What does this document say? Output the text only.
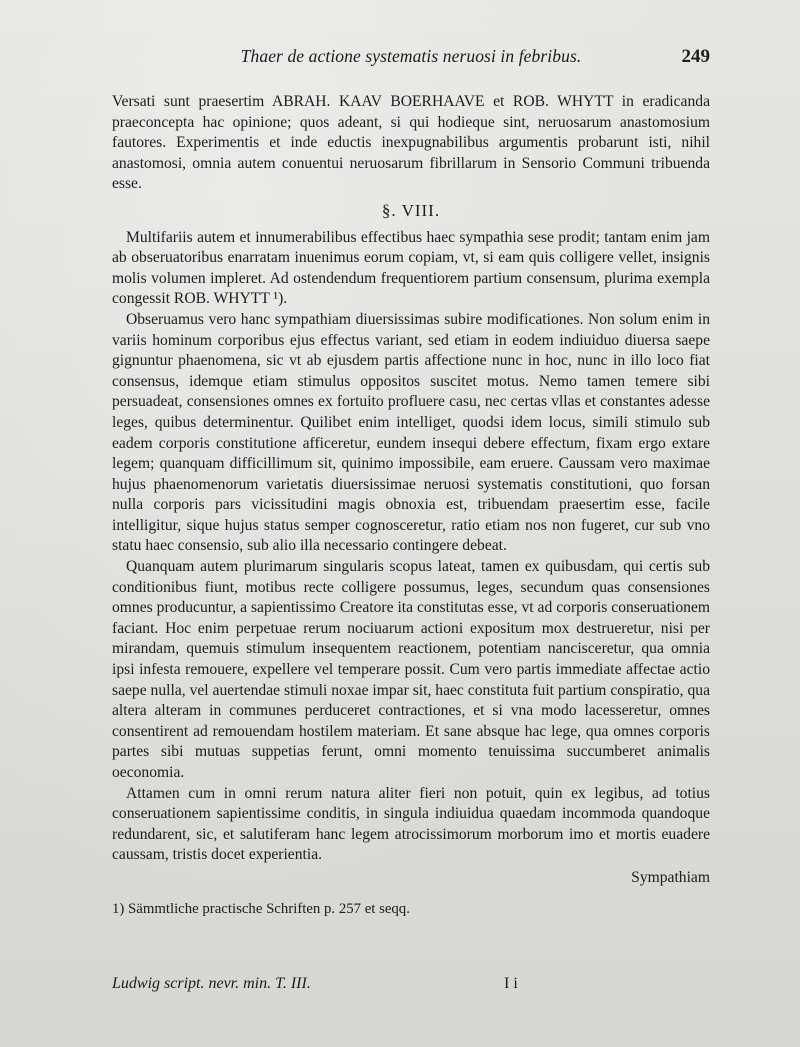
Thaer de actione systematis neruosi in febribus.	249

Versati sunt praesertim ABRAH. KAAV BOERHAAVE et ROB. WHYTT in eradicanda praeconcepta hac opinione; quos adeant, si qui hodieque sint, neruosarum anastomosium fautores. Experimentis et inde eductis inexpugnabilibus argumentis probarunt isti, nihil anastomosi, omnia autem conuentui neruosarum fibrillarum in Sensorio Communi tribuenda esse.

§. VIII.

Multifariis autem et innumerabilibus effectibus haec sympathia sese prodit; tantam enim jam ab obseruatoribus enarratam inuenimus eorum copiam, vt, si eam quis colligere vellet, insignis molis volumen impleret. Ad ostendendum frequentiorem partium consensum, plurima exempla congessit ROB. WHYTT ¹).

Obseruamus vero hanc sympathiam diuersissimas subire modificationes. Non solum enim in variis hominum corporibus ejus effectus variant, sed etiam in eodem indiuiduo diuersa saepe gignuntur phaenomena, sic vt ab ejusdem partis affectione nunc in hoc, nunc in illo loco fiat consensus, idemque etiam stimulus oppositos suscitet motus. Nemo tamen temere sibi persuadeat, consensiones omnes ex fortuito profluere casu, nec certas vllas et constantes adesse leges, quibus determinentur. Quilibet enim intelliget, quodsi idem locus, simili stimulo sub eadem corporis constitutione afficeretur, eundem insequi debere effectum, fixam ergo extare legem; quanquam difficillimum sit, quinimo impossibile, eam eruere. Caussam vero maximae hujus phaenomenorum varietatis diuersissimae neruosi systematis constitutioni, quo forsan nulla corporis pars vicissitudini magis obnoxia est, tribuendam praesertim esse, facile intelligitur, sique hujus status semper cognosceretur, ratio etiam nos non fugeret, cur sub vno statu haec consensio, sub alio illa necessario contingere debeat.

Quanquam autem plurimarum singularis scopus lateat, tamen ex quibusdam, qui certis sub conditionibus fiunt, motibus recte colligere possumus, leges, secundum quas consensiones omnes producuntur, a sapientissimo Creatore ita constitutas esse, vt ad corporis conseruationem faciant. Hoc enim perpetuae rerum nociuarum actioni expositum mox destrueretur, nisi per mirandam, quemuis stimulum insequentem reactionem, potentiam nancisceretur, qua omnia ipsi infesta remouere, expellere vel temperare possit. Cum vero partis immediate affectae actio saepe nulla, vel auertendae stimuli noxae impar sit, haec constituta fuit partium conspiratio, qua altera alteram in communes perduceret contractiones, et si vna modo lacesseretur, omnes consentirent ad remouendam hostilem materiam. Et sane absque hac lege, qua omnes corporis partes sibi mutuas suppetias ferunt, omni momento tenuissima succumberet animalis oeconomia.

Attamen cum in omni rerum natura aliter fieri non potuit, quin ex legibus, ad totius conseruationem sapientissime conditis, in singula indiuidua quaedam incommoda quandoque redundarent, sic, et salutiferam hanc legem atrocissimorum morborum imo et mortis euadere caussam, tristis docet experientia.

Sympathiam
1) Sämmtliche practische Schriften p. 257 et seqq.
Ludwig script. nevr. min. T. III.	I i
